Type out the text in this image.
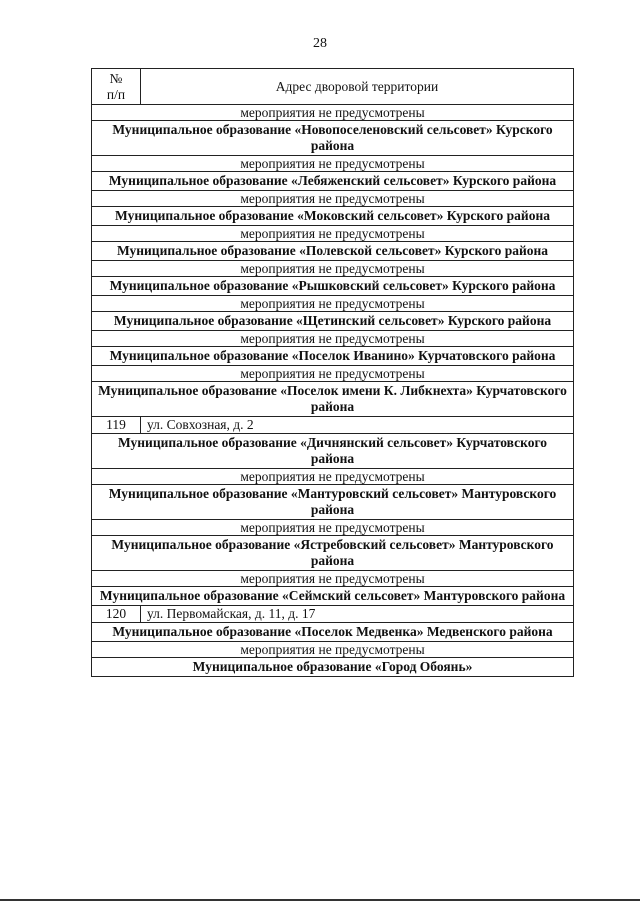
28
№
п/п	Адрес дворовой территории
мероприятия не предусмотрены	
Муниципальное образование «Новопоселеновский сельсовет» Курского района	
мероприятия не предусмотрены	
Муниципальное образование «Лебяженский сельсовет» Курского района	
мероприятия не предусмотрены	
Муниципальное образование «Моковский сельсовет» Курского района	
мероприятия не предусмотрены	
Муниципальное образование «Полевской сельсовет» Курского района	
мероприятия не предусмотрены	
Муниципальное образование «Рышковский сельсовет» Курского района	
мероприятия не предусмотрены	
Муниципальное образование «Щетинский сельсовет» Курского района	
мероприятия не предусмотрены	
Муниципальное образование «Поселок Иванино» Курчатовского района	
мероприятия не предусмотрены	
Муниципальное образование «Поселок имени К. Либкнехта» Курчатовского района	
119	ул. Совхозная, д. 2
Муниципальное образование «Дичнянский сельсовет» Курчатовского района	
мероприятия не предусмотрены	
Муниципальное образование «Мантуровский сельсовет» Мантуровского района	
мероприятия не предусмотрены	
Муниципальное образование «Ястребовский сельсовет» Мантуровского района	
мероприятия не предусмотрены	
Муниципальное образование «Сеймский сельсовет» Мантуровского района	
120	ул. Первомайская, д. 11, д. 17
Муниципальное образование «Поселок Медвенка» Медвенского района	
мероприятия не предусмотрены	
Муниципальное образование «Город Обоянь»	
